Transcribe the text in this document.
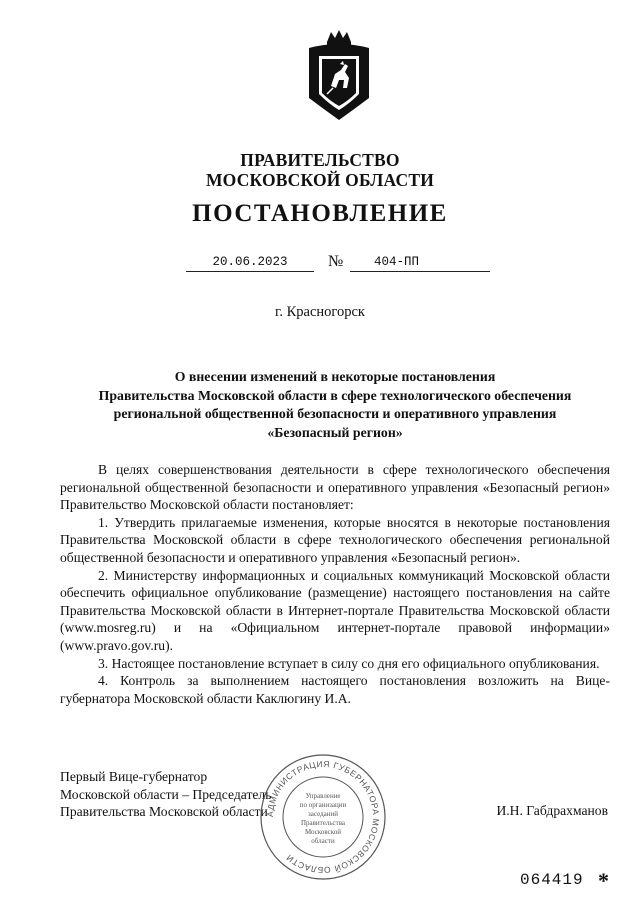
ПРАВИТЕЛЬСТВО
МОСКОВСКОЙ ОБЛАСТИ
ПОСТАНОВЛЕНИЕ
20.06.2023	№	404-ПП
г. Красногорск
О внесении изменений в некоторые постановления
Правительства Московской области в сфере технологического обеспечения
региональной общественной безопасности и оперативного управления
«Безопасный регион»

В целях совершенствования деятельности в сфере технологического обеспечения региональной общественной безопасности и оперативного управления «Безопасный регион» Правительство Московской области постановляет:

1. Утвердить прилагаемые изменения, которые вносятся в некоторые постановления Правительства Московской области в сфере технологического обеспечения региональной общественной безопасности и оперативного управления «Безопасный регион».

2. Министерству информационных и социальных коммуникаций Московской области обеспечить официальное опубликование (размещение) настоящего постановления на сайте Правительства Московской области в Интернет-портале Правительства Московской области (www.mosreg.ru) и на «Официальном интернет-портале правовой информации» (www.pravo.gov.ru).

3. Настоящее постановление вступает в силу со дня его официального опубликования.

4. Контроль за выполнением настоящего постановления возложить на Вице-губернатора Московской области Каклюгину И.А.

Первый Вице-губернатор
Московской области – Председатель
Правительства Московской области	И.Н. Габдрахманов
АДМИНИСТРАЦИЯ ГУБЕРНАТОРА МОСКОВСКОЙ ОБЛАСТИ
Управление
по организации
заседаний
Правительства
Московской
области
064419 *
